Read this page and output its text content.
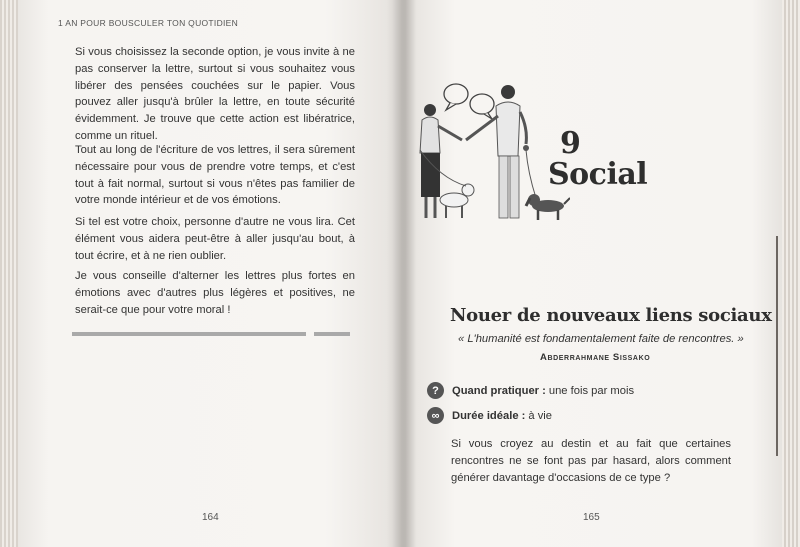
1 AN POUR BOUSCULER TON QUOTIDIEN

Si vous choisissez la seconde option, je vous invite à ne pas conserver la lettre, surtout si vous souhaitez vous libérer des pensées couchées sur le papier. Vous pouvez aller jusqu'à brûler la lettre, en toute sécurité évidemment. Je trouve que cette action est libératrice, comme un rituel.

Tout au long de l'écriture de vos lettres, il sera sûrement nécessaire pour vous de prendre votre temps, et c'est tout à fait normal, surtout si vous n'êtes pas familier de votre monde intérieur et de vos émotions.

Si tel est votre choix, personne d'autre ne vous lira. Cet élément vous aidera peut-être à aller jusqu'au bout, à tout écrire, et à ne rien oublier.

Je vous conseille d'alterner les lettres plus fortes en émotions avec d'autres plus légères et positives, ne serait-ce que pour votre moral !

164
9
Social
Nouer de nouveaux liens sociaux
« L'humanité est fondamentalement faite de rencontres. »
Abderrahmane Sissako
?	Quand pratiquer : une fois par mois
∞	Durée idéale : à vie

Si vous croyez au destin et au fait que certaines rencontres ne se font pas par hasard, alors comment générer davantage d'occasions de ce type ?

165
